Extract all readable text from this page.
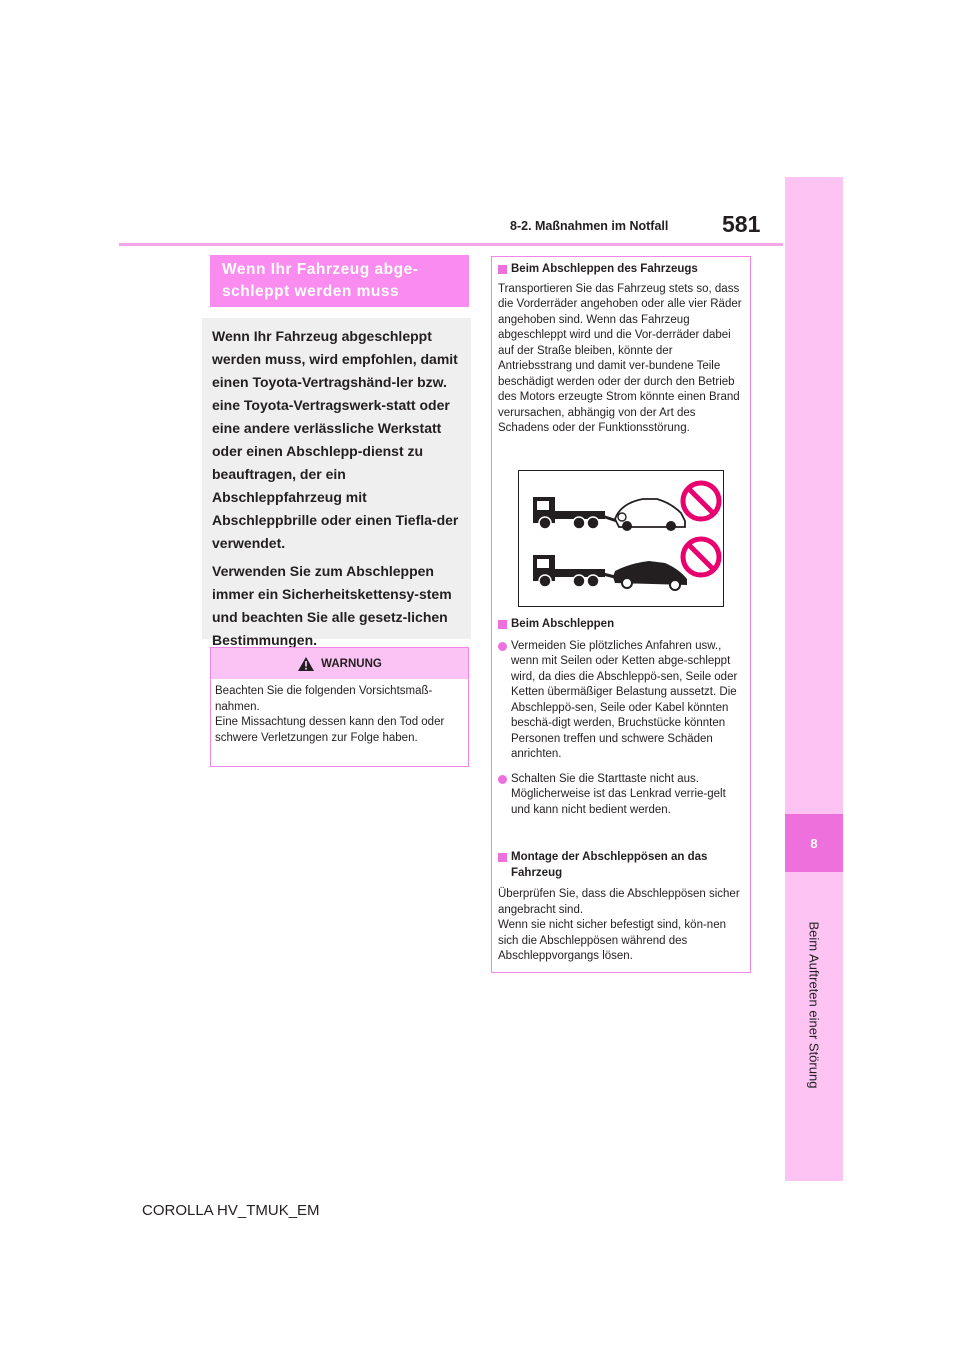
581
8-2. Maßnahmen im Notfall
8
Beim Auftreten einer Störung
Wenn Ihr Fahrzeug abge-schleppt werden muss

Wenn Ihr Fahrzeug abgeschleppt werden muss, wird empfohlen, damit einen Toyota-Vertragshänd-ler bzw. eine Toyota-Vertragswerk-statt oder eine andere verlässliche Werkstatt oder einen Abschlepp-dienst zu beauftragen, der ein Abschleppfahrzeug mit Abschleppbrille oder einen Tiefla-der verwendet.

Verwenden Sie zum Abschleppen immer ein Sicherheitskettensy-stem und beachten Sie alle gesetz-lichen Bestimmungen.

WARNUNG

Beachten Sie die folgenden Vorsichtsmaß-nahmen.

Eine Missachtung dessen kann den Tod oder schwere Verletzungen zur Folge haben.

Beim Abschleppen des Fahrzeugs

Transportieren Sie das Fahrzeug stets so, dass die Vorderräder angehoben oder alle vier Räder angehoben sind. Wenn das Fahrzeug abgeschleppt wird und die Vor-derräder dabei auf der Straße bleiben, könnte der Antriebsstrang und damit ver-bundene Teile beschädigt werden oder der durch den Betrieb des Motors erzeugte Strom könnte einen Brand verursachen, abhängig von der Art des Schadens oder der Funktionsstörung.

Beim Abschleppen
Vermeiden Sie plötzliches Anfahren usw., wenn mit Seilen oder Ketten abge-schleppt wird, da dies die Abschleppö-sen, Seile oder Ketten übermäßiger Belastung aussetzt. Die Abschleppö-sen, Seile oder Kabel könnten beschä-digt werden, Bruchstücke könnten Personen treffen und schwere Schäden anrichten.
Schalten Sie die Starttaste nicht aus. Möglicherweise ist das Lenkrad verrie-gelt und kann nicht bedient werden.
Montage der Abschleppösen an das Fahrzeug

Überprüfen Sie, dass die Abschleppösen sicher angebracht sind.

Wenn sie nicht sicher befestigt sind, kön-nen sich die Abschleppösen während des Abschleppvorgangs lösen.

COROLLA HV_TMUK_EM
